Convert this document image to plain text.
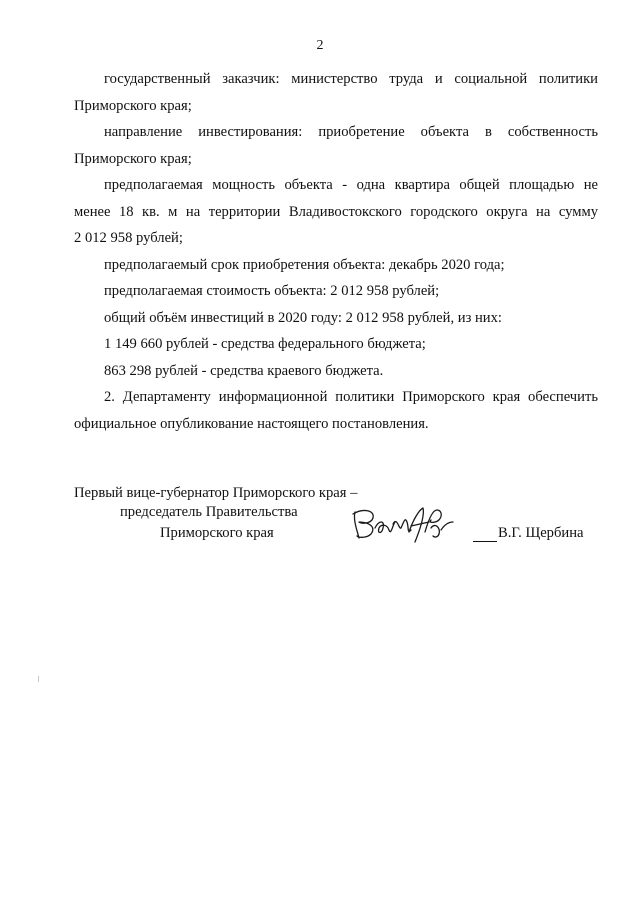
2

государственный заказчик: министерство труда и социальной политики

Приморского края;

направление инвестирования: приобретение объекта в собственность

Приморского края;

предполагаемая мощность объекта - одна квартира общей площадью не

менее 18 кв. м на территории Владивостокского городского округа на сумму

2 012 958 рублей;

предполагаемый срок приобретения объекта: декабрь 2020 года;

предполагаемая стоимость объекта: 2 012 958 рублей;

общий объём инвестиций в 2020 году: 2 012 958 рублей, из них:

1 149 660 рублей - средства федерального бюджета;

863 298 рублей - средства краевого бюджета.

2. Департаменту информационной политики Приморского края обеспечить

официальное опубликование настоящего постановления.

Первый вице-губернатор Приморского края –
председатель Правительства
Приморского края	В.Г. Щербина
